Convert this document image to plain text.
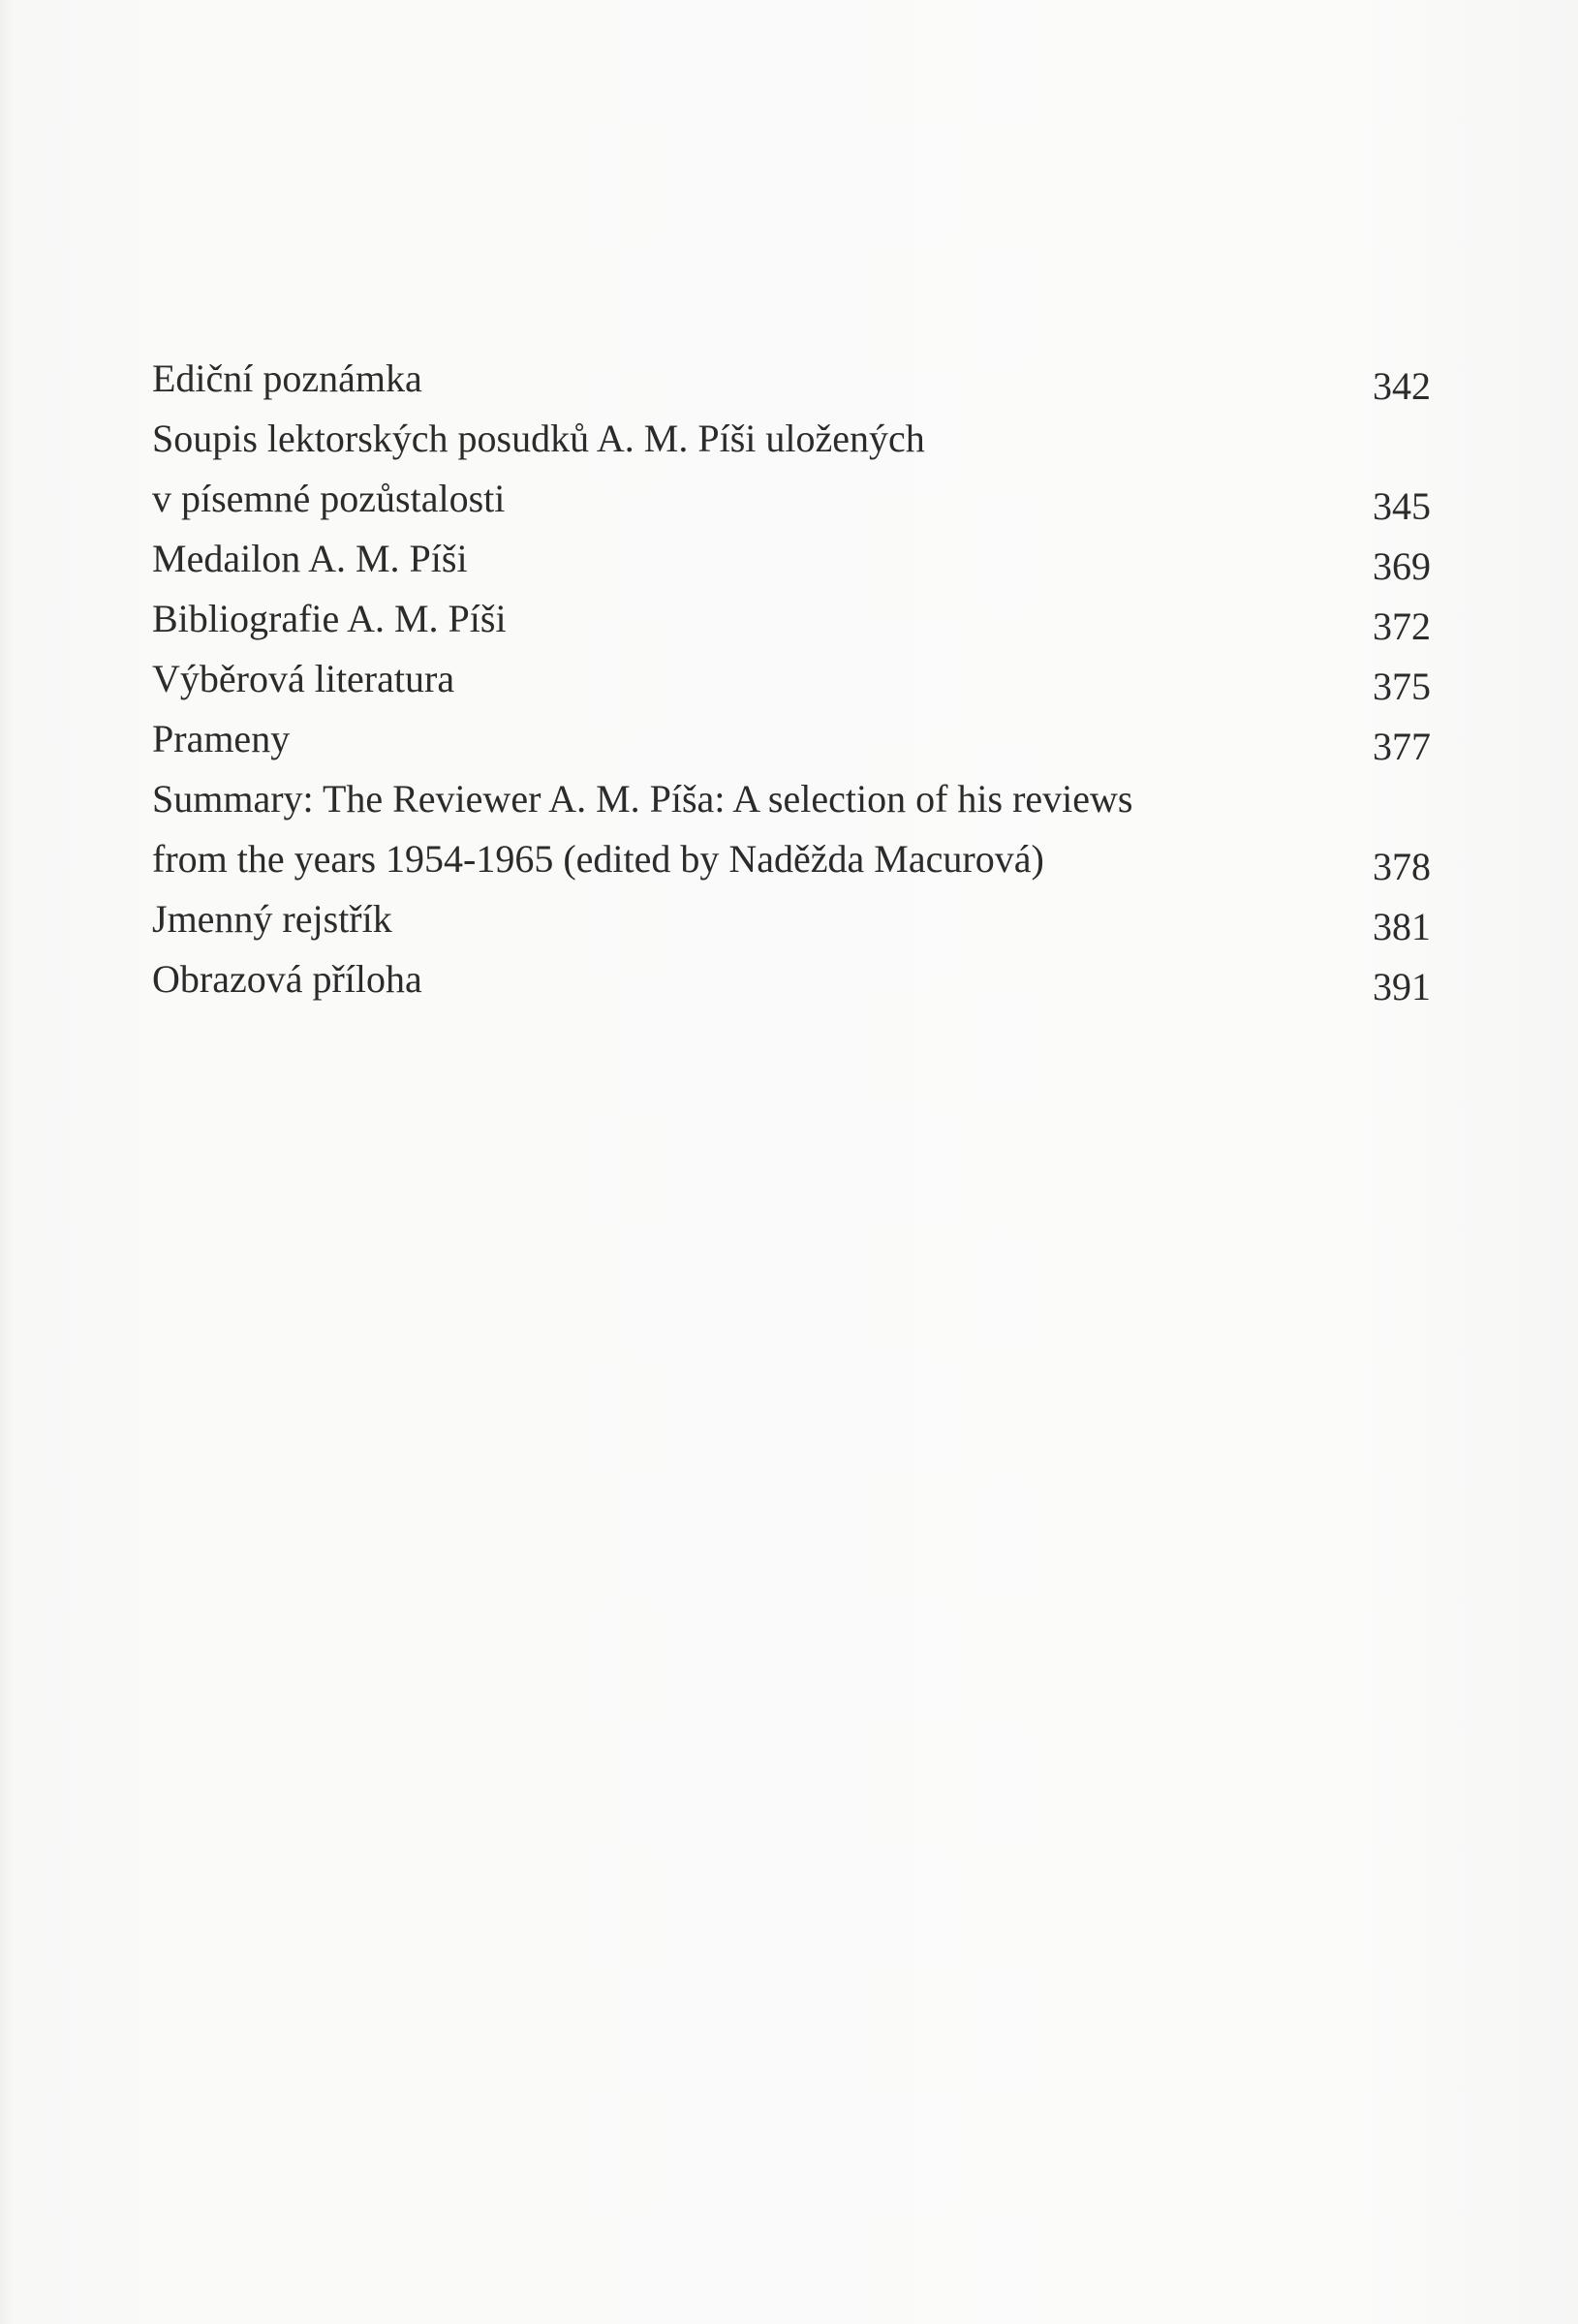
Ediční poznámka	342
Soupis lektorských posudků A. M. Píši uložených
v písemné pozůstalosti	345
Medailon A. M. Píši	369
Bibliografie A. M. Píši	372
Výběrová literatura	375
Prameny	377
Summary: The Reviewer A. M. Píša: A selection of his reviews
from the years 1954-1965 (edited by Naděžda Macurová)	378
Jmenný rejstřík	381
Obrazová příloha	391
